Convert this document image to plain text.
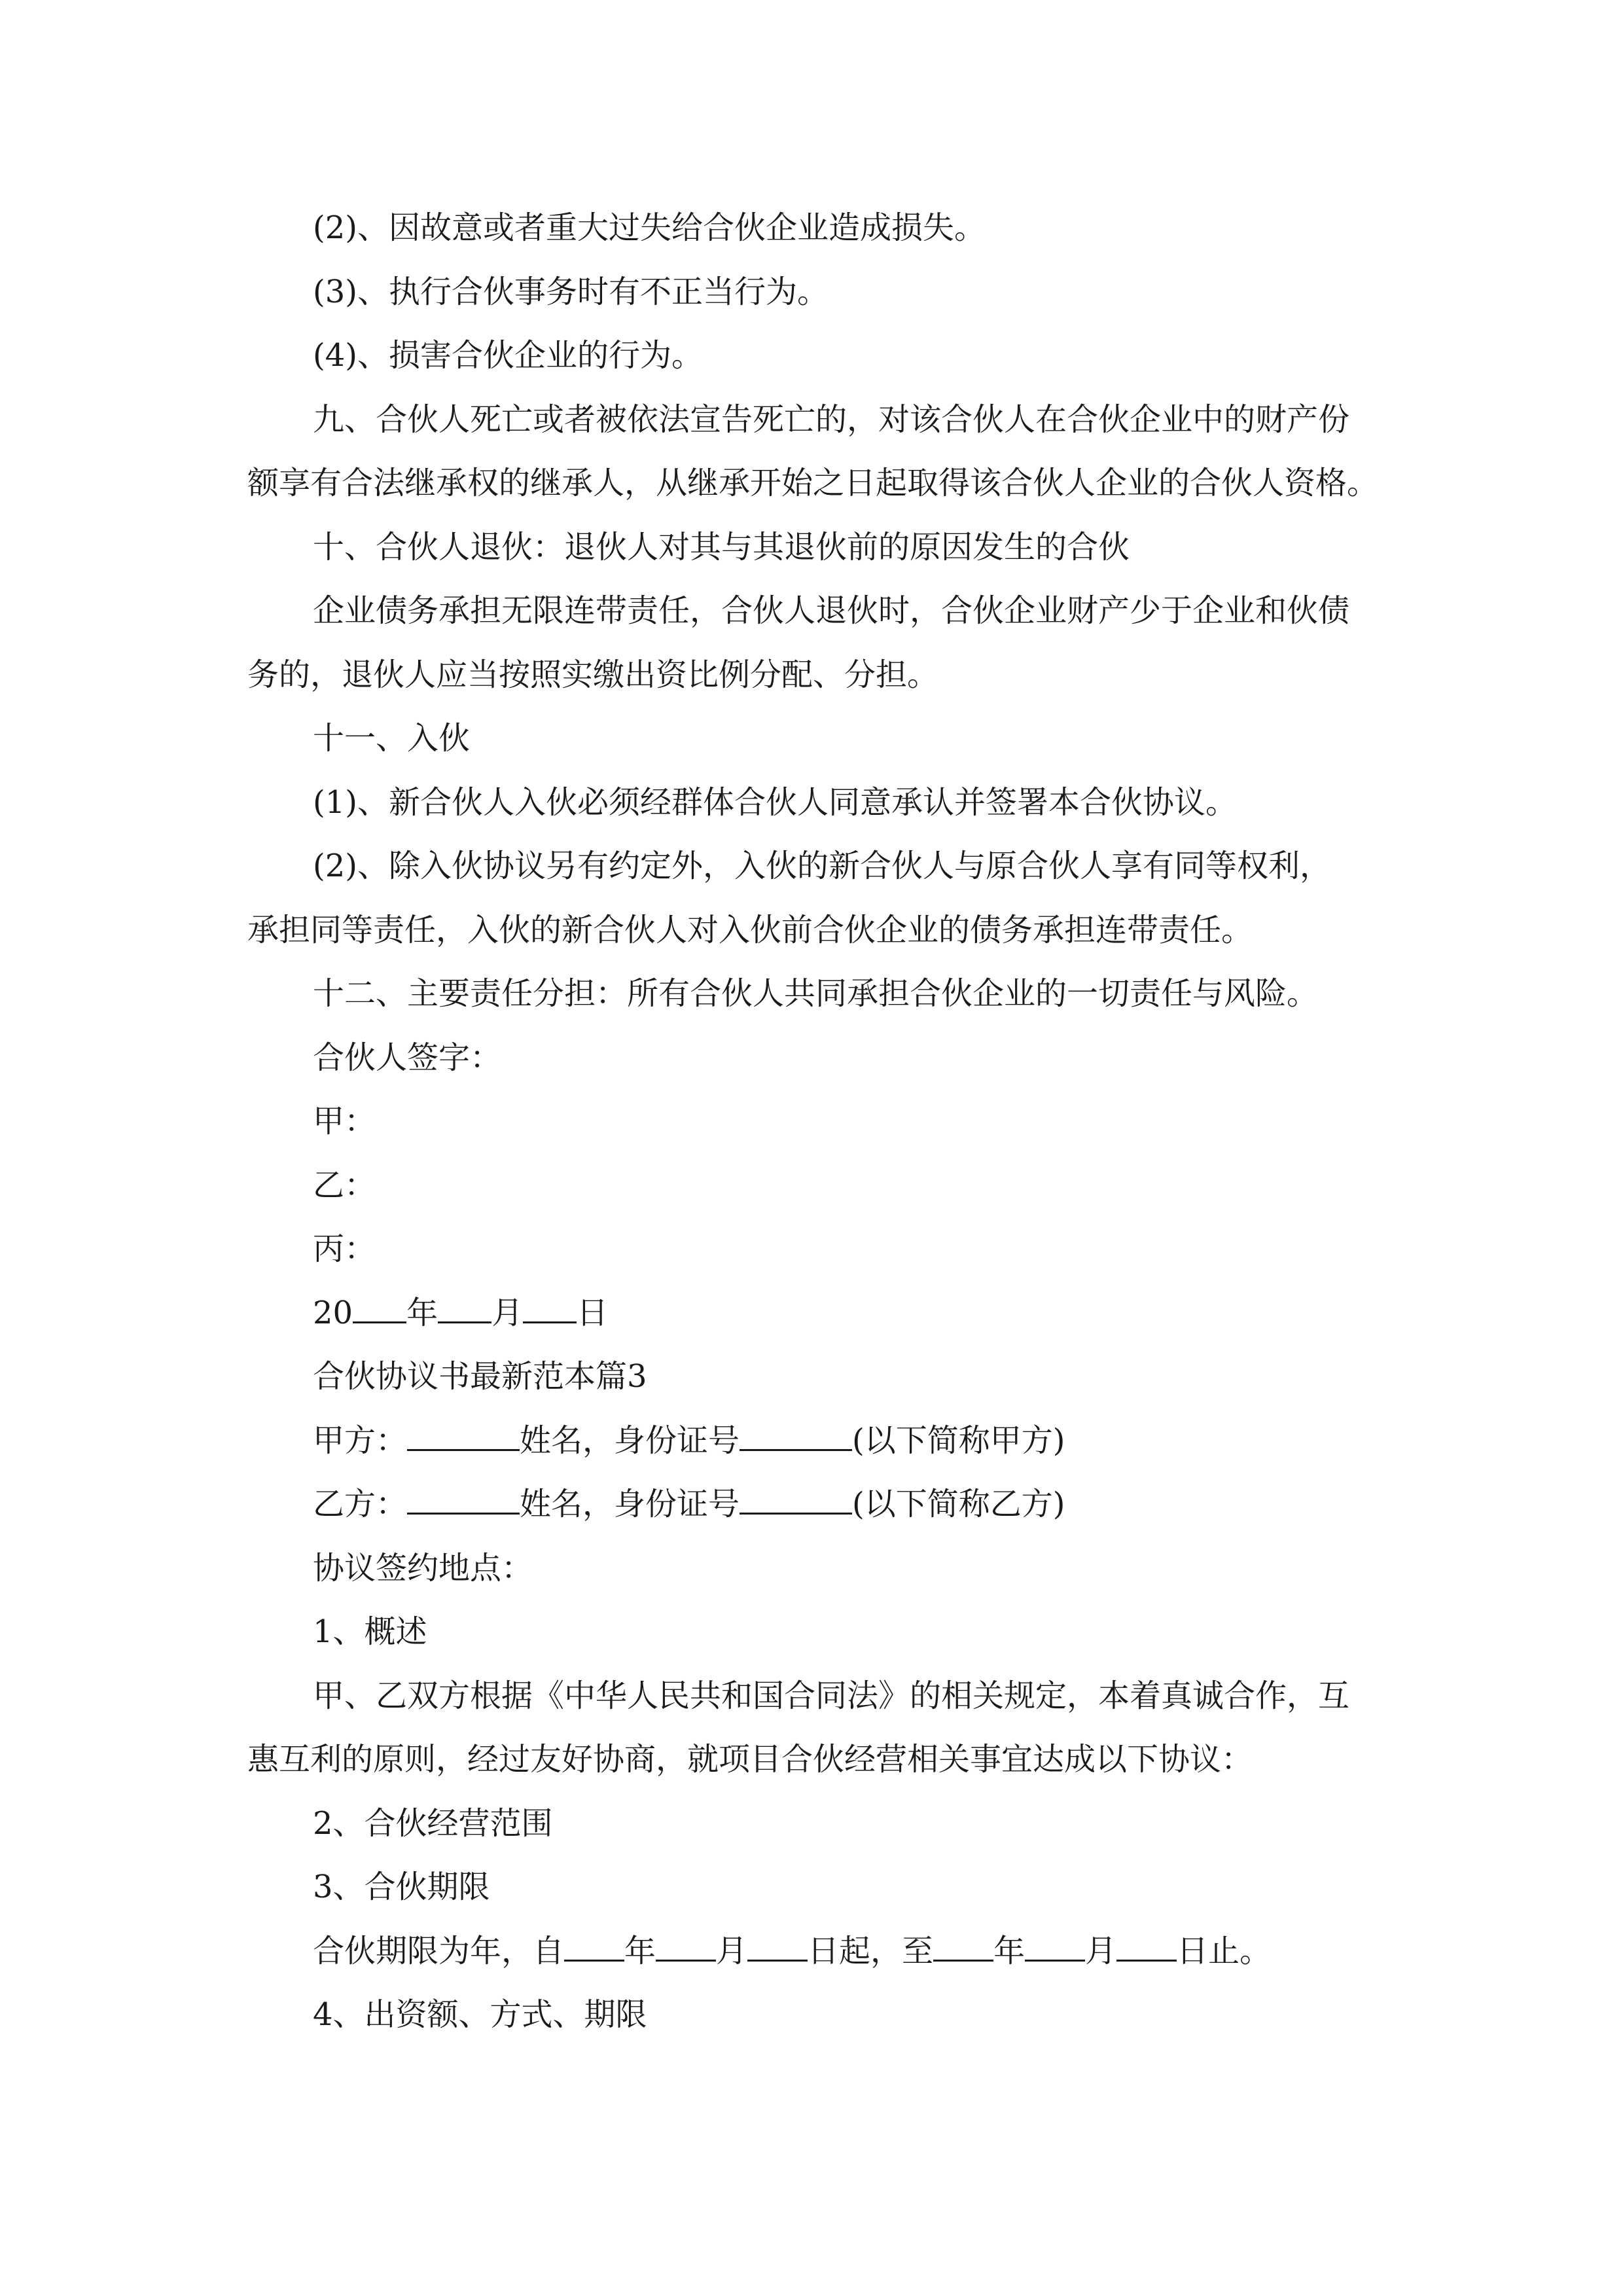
(2)、因故意或者重大过失给合伙企业造成损失。
(3)、执行合伙事务时有不正当行为。
(4)、损害合伙企业的行为。
九、合伙人死亡或者被依法宣告死亡的，对该合伙人在合伙企业中的财产份
额享有合法继承权的继承人，从继承开始之日起取得该合伙人企业的合伙人资格。
十、合伙人退伙：退伙人对其与其退伙前的原因发生的合伙
企业债务承担无限连带责任，合伙人退伙时，合伙企业财产少于企业和伙债
务的，退伙人应当按照实缴出资比例分配、分担。
十一、入伙
(1)、新合伙人入伙必须经群体合伙人同意承认并签署本合伙协议。
(2)、除入伙协议另有约定外，入伙的新合伙人与原合伙人享有同等权利，
承担同等责任，入伙的新合伙人对入伙前合伙企业的债务承担连带责任。
十二、主要责任分担：所有合伙人共同承担合伙企业的一切责任与风险。
合伙人签字：
甲：
乙：
丙：
20 年 月 日
合伙协议书最新范本篇3
甲方：	姓名，身份证号	(以下简称甲方)
乙方：	姓名，身份证号	(以下简称乙方)
协议签约地点：
1、概述
甲、乙双方根据《中华人民共和国合同法》的相关规定，本着真诚合作，互
惠互利的原则，经过友好协商，就项目合伙经营相关事宜达成以下协议：
2、合伙经营范围
3、合伙期限
合伙期限为年，自 年 月 日起，至 年 月 日止。
4、出资额、方式、期限
